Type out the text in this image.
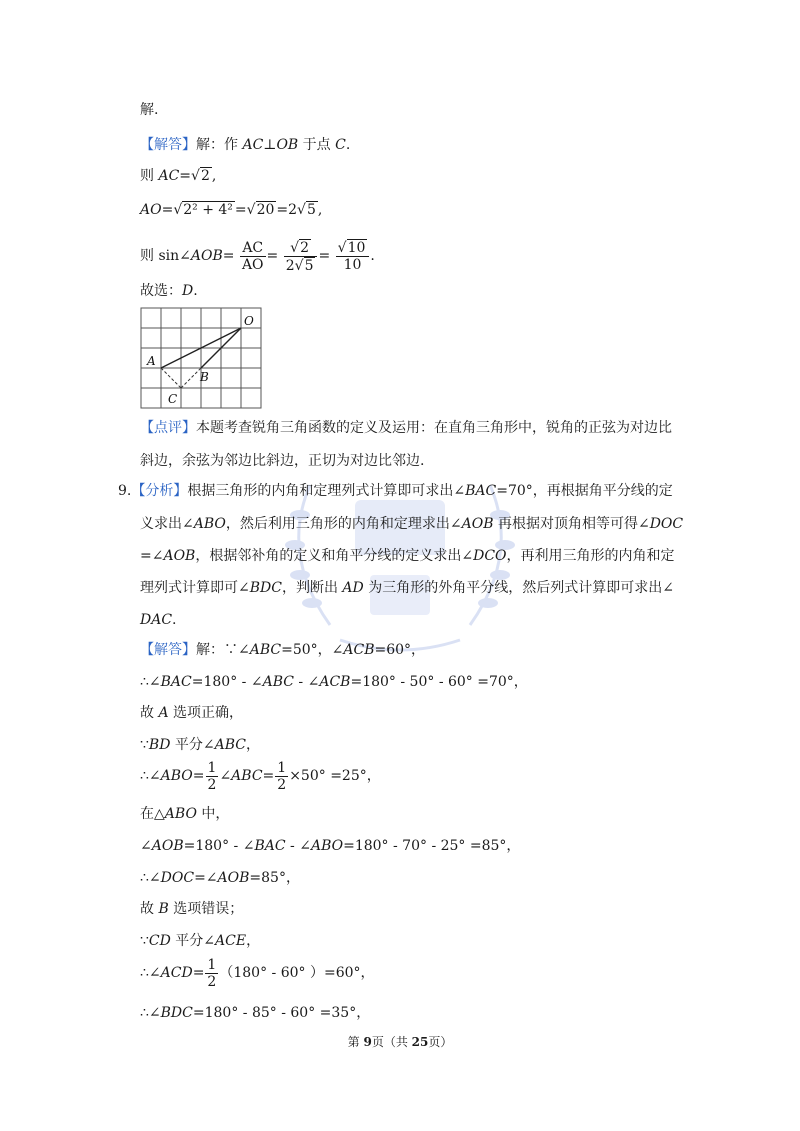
解.
【解答】解：作 AC⊥OB 于点 C.
则 AC=√2 ,
AO=√2² + 4² =√20 =2√5 ,
则 sin∠AOB= $\frac{AC}{AO} = \frac{√2}{2√5} = \frac{√10}{10}$ .
故选：D.
O
A
B
C
【点评】本题考查锐角三角函数的定义及运用：在直角三角形中，锐角的正弦为对边比
斜边，余弦为邻边比斜边，正切为对边比邻边.
9.【分析】根据三角形的内角和定理列式计算即可求出∠BAC=70°，再根据角平分线的定
义求出∠ABO，然后利用三角形的内角和定理求出∠AOB 再根据对顶角相等可得∠DOC
=∠AOB，根据邻补角的定义和角平分线的定义求出∠DCO，再利用三角形的内角和定
理列式计算即可∠BDC，判断出 AD 为三角形的外角平分线，然后列式计算即可求出∠
DAC.
【解答】解：∵∠ABC=50°，∠ACB=60°，
∴∠BAC=180° - ∠ABC - ∠ACB=180° - 50° - 60° =70°，
故 A 选项正确，
∵BD 平分∠ABC，
∴∠ABO= $\frac{1}{2}$ ∠ABC= $\frac{1}{2} \times 50^\circ =25^\circ$，
在△ABO 中，
∠AOB=180° - ∠BAC - ∠ABO=180° - 70° - 25° =85°，
∴∠DOC=∠AOB=85°，
故 B 选项错误；
∵CD 平分∠ACE，
∴∠ACD= $\frac{1}{2} (180^\circ - 60^\circ$ ）=60°，
∴∠BDC=180° - 85° - 60° =35°，
第 9页（共 25页）
